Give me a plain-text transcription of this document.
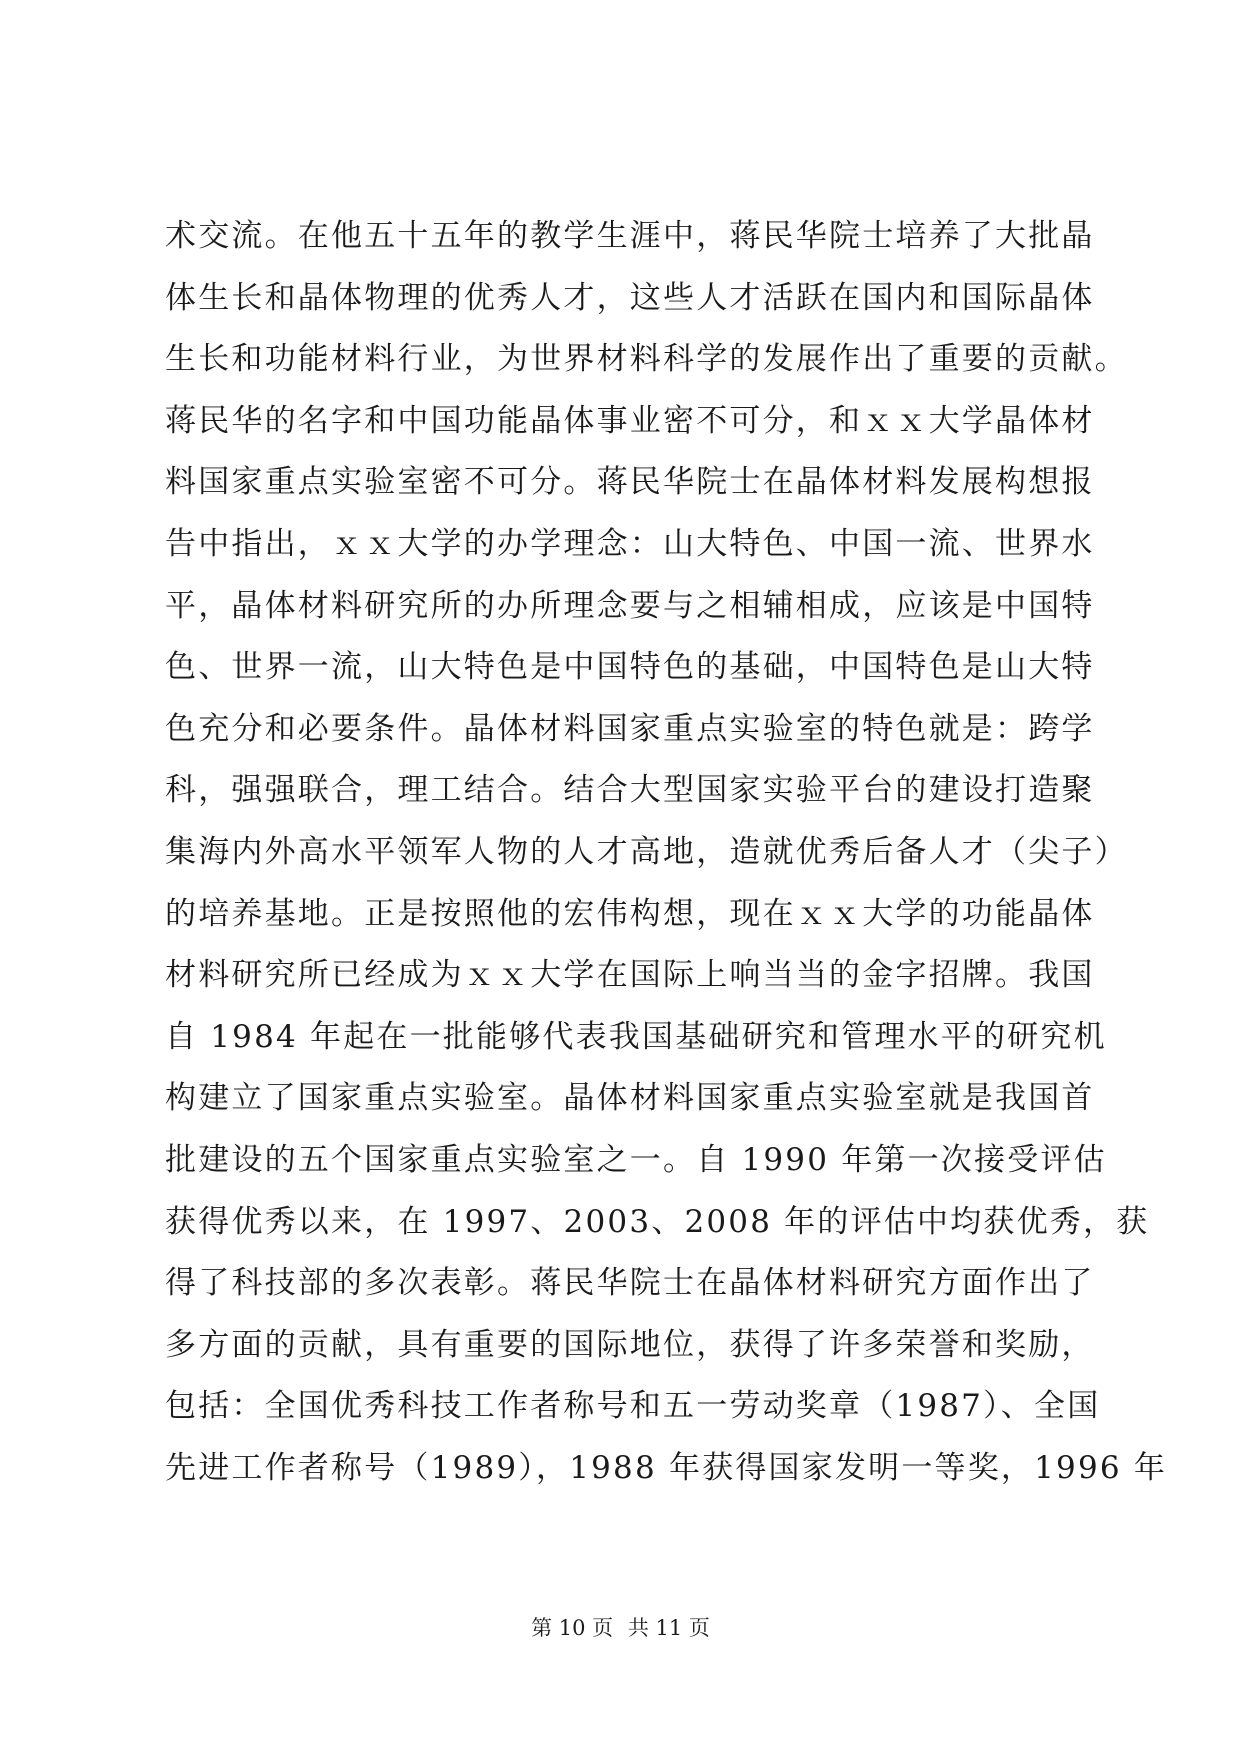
术交流。在他五十五年的教学生涯中，蒋民华院士培养了大批晶
体生长和晶体物理的优秀人才，这些人才活跃在国内和国际晶体
生长和功能材料行业，为世界材料科学的发展作出了重要的贡献。
蒋民华的名字和中国功能晶体事业密不可分，和ｘｘ大学晶体材
料国家重点实验室密不可分。蒋民华院士在晶体材料发展构想报
告中指出，ｘｘ大学的办学理念：山大特色、中国一流、世界水
平，晶体材料研究所的办所理念要与之相辅相成，应该是中国特
色、世界一流，山大特色是中国特色的基础，中国特色是山大特
色充分和必要条件。晶体材料国家重点实验室的特色就是：跨学
科，强强联合，理工结合。结合大型国家实验平台的建设打造聚
集海内外高水平领军人物的人才高地，造就优秀后备人才（尖子）
的培养基地。正是按照他的宏伟构想，现在ｘｘ大学的功能晶体
材料研究所已经成为ｘｘ大学在国际上响当当的金字招牌。我国
自 1984 年起在一批能够代表我国基础研究和管理水平的研究机
构建立了国家重点实验室。晶体材料国家重点实验室就是我国首
批建设的五个国家重点实验室之一。自 1990 年第一次接受评估
获得优秀以来，在 1997、2003、2008 年的评估中均获优秀，获
得了科技部的多次表彰。蒋民华院士在晶体材料研究方面作出了
多方面的贡献，具有重要的国际地位，获得了许多荣誉和奖励，
包括：全国优秀科技工作者称号和五一劳动奖章（1987）、全国
先进工作者称号（1989），1988 年获得国家发明一等奖，1996 年
第 10 页 共 11 页
